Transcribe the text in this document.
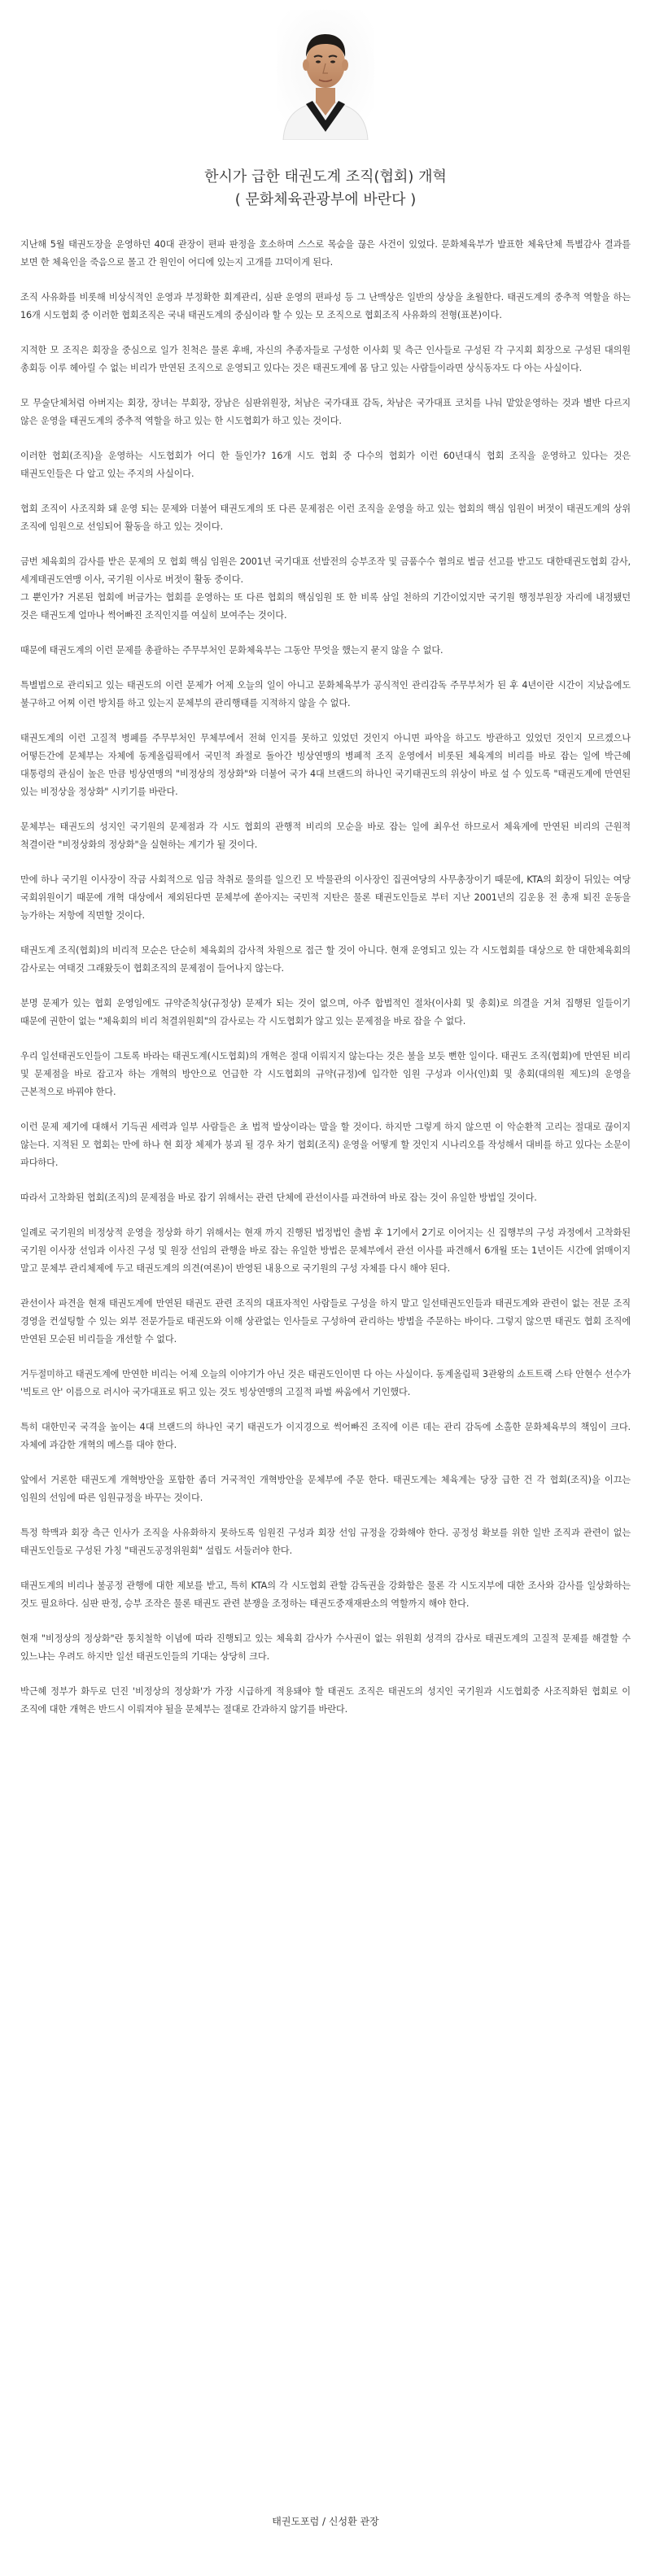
한시가 급한 태권도계 조직(협회) 개혁
( 문화체육관광부에 바란다 )

지난해 5월 태권도장을 운영하던 40대 관장이 편파 판정을 호소하며 스스로 목숨을 끊은 사건이 있었다. 문화체육부가 발표한 체육단체 특별감사 결과를 보면 한 체육인을 죽음으로 몰고 간 원인이 어디에 있는지 고개를 끄덕이게 된다.

조직 사유화를 비롯해 비상식적인 운영과 부정확한 회계관리, 심판 운영의 편파성 등 그 난맥상은 일반의 상상을 초월한다. 태권도계의 중추적 역할을 하는 16개 시도협회 중 이러한 협회조직은 국내 태권도계의 중심이라 할 수 있는 모 조직으로 협회조직 사유화의 전형(표본)이다.

지적한 모 조직은 회장을 중심으로 일가 친척은 물론 후배, 자신의 추종자들로 구성한 이사회 및 측근 인사들로 구성된 각 구지회 회장으로 구성된 대의원 총회등 이루 헤아릴 수 없는 비리가 만연된 조직으로 운영되고 있다는 것은 태권도계에 몸 담고 있는 사람들이라면 상식동자도 다 아는 사실이다.

모 무술단체처럼 아버지는 회장, 장녀는 부회장, 장남은 심판위원장, 처남은 국가대표 감독, 차남은 국가대표 코치를 나눠 맡았운영하는 것과 별반 다르지 않은 운영을 태권도계의 중추적 역할을 하고 있는 한 시도협회가 하고 있는 것이다.

이러한 협회(조직)을 운영하는 시도협회가 어디 한 둘인가? 16개 시도 협회 중 다수의 협회가 이런 60년대식 협회 조직을 운영하고 있다는 것은 태권도인들은 다 알고 있는 주지의 사실이다.

협회 조직이 사조직화 돼 운영 되는 문제와 더불어 태권도계의 또 다른 문제점은 이런 조직을 운영을 하고 있는 협회의 핵심 임원이 버젓이 태권도계의 상위 조직에 임원으로 선임되어 활동을 하고 있는 것이다.

금번 체육회의 감사를 받은 문제의 모 협회 핵심 임원은 2001년 국기대표 선발전의 승부조작 및 금품수수 혐의로 벌금 선고를 받고도 대한태권도협회 감사, 세계태권도연맹 이사, 국기원 이사로 버젓이 활동 중이다.
그 뿐인가? 거론된 협회에 버금가는 협회를 운영하는 또 다른 협회의 핵심임원 또 한 비록 삼일 천하의 기간이었지만 국기원 행정부원장 자리에 내정됐던 것은 태권도계 얼마나 썩어빠진 조직인지를 여실히 보여주는 것이다.

때문에 태권도계의 이런 문제를 총괄하는 주무부처인 문화체육부는 그동안 무엇을 했는지 묻지 않을 수 없다.

특별법으로 관리되고 있는 태권도의 이런 문제가 어제 오늘의 일이 아니고 문화체육부가 공식적인 관리감독 주무부처가 된 후 4년이란 시간이 지났음에도 불구하고 어찌 이런 방치를 하고 있는지 문체부의 관리행태를 지적하지 않을 수 없다.

태권도계의 이런 고질적 병폐를 주무부처인 무체부에서 전혀 인지를 못하고 있었던 것인지 아니면 파악을 하고도 방관하고 있었던 것인지 모르겠으나 어떻든간에 문체부는 자체에 동계올림픽에서 국민적 좌절로 돌아간 빙상연맹의 병폐적 조직 운영에서 비롯된 체육계의 비리를 바로 잡는 일에 박근혜 대통령의 관심이 높은 만큼 빙상연맹의 "비정상의 정상화"와 더불어 국가 4대 브랜드의 하나인 국기태권도의 위상이 바로 설 수 있도록 "태권도계에 만연된 있는 비정상을 정상화" 시키기를 바란다.

문체부는 태권도의 성지인 국기원의 문제점과 각 시도 협회의 관행적 비리의 모순을 바로 잡는 일에 최우선 하므로서 체육계에 만연된 비리의 근원적 척결이란 "비정상화의 정상화"을 실현하는 계기가 될 것이다.

만에 하나 국기원 이사장이 작금 사회적으로 임금 착취로 물의를 일으킨 모 박물관의 이사장인 집권여당의 사무총장이기 때문에, KTA의 회장이 뒤있는 여당 국회위원이기 때문에 개혁 대상에서 제외된다면 문체부에 쏟아지는 국민적 지탄은 물론 태권도인들로 부터 지난 2001년의 김운용 전 총재 퇴진 운동을 능가하는 저항에 직면할 것이다.

태권도계 조직(협회)의 비리적 모순은 단순히 체육회의 감사적 차원으로 접근 할 것이 아니다. 현재 운영되고 있는 각 시도협회를 대상으로 한 대한체육회의 감사로는 여태것 그래왔듯이 협회조직의 문제점이 들어나지 않는다.

분명 문제가 있는 협회 운영임에도 규약준칙상(규정상) 문제가 되는 것이 없으며, 아주 합법적인 절차(이사회 및 총회)로 의결을 거쳐 집행된 일들이기 때문에 권한이 없는 "체육회의 비리 척결위원회"의 감사로는 각 시도협회가 않고 있는 문제점을 바로 잡을 수 없다.

우리 일선태권도인들이 그토록 바라는 태권도계(시도협회)의 개혁은 절대 이뤄지지 않는다는 것은 불을 보듯 뻔한 일이다. 태권도 조직(협회)에 만연된 비리 및 문제점을 바로 잡고자 하는 개혁의 방안으로 언급한 각 시도협회의 규약(규정)에 입각한 임원 구성과 이사(인)회 및 총회(대의원 제도)의 운영을 근본적으로 바꿔야 한다.

이런 문제 제기에 대해서 기득권 세력과 일부 사람들은 초 법적 발상이라는 말을 할 것이다. 하지만 그렇게 하지 않으면 이 악순환적 고리는 절대로 끊이지 않는다. 지적된 모 협회는 만에 하나 현 회장 체제가 붕괴 될 경우 차기 협회(조직) 운영을 어떻게 할 것인지 시나리오를 작성해서 대비를 하고 있다는 소문이 파다하다.

따라서 고착화된 협회(조직)의 문제점을 바로 잡기 위해서는 관련 단체에 관선이사를 파견하여 바로 잡는 것이 유일한 방법일 것이다.

일례로 국기원의 비정상적 운영을 정상화 하기 위해서는 현재 까지 진행된 법정법인 출범 후 1기에서 2기로 이어지는 신 집행부의 구성 과정에서 고착화된 국기원 이사장 선임과 이사진 구성 및 원장 선임의 관행을 바로 잡는 유일한 방법은 문체부에서 관선 이사를 파견해서 6개월 또는 1년이든 시간에 얽매이지 말고 문체부 관리체제에 두고 태권도계의 의견(여론)이 반영된 내용으로 국기원의 구성 자체를 다시 해야 된다.

관선이사 파견을 현재 태권도계에 만연된 태권도 관련 조직의 대표자적인 사람들로 구성을 하지 말고 일선태권도인들과 태권도계와 관련이 없는 전문 조직 경영을 컨설팅할 수 있는 외부 전문가들로 태권도와 이해 상관없는 인사들로 구성하여 관리하는 방법을 주문하는 바이다. 그렇지 않으면 태권도 협회 조직에 만연된 모순된 비리들을 개선할 수 없다.

거두절미하고 태권도계에 만연한 비리는 어제 오늘의 이야기가 아닌 것은 태권도인이면 다 아는 사실이다. 동계올림픽 3관왕의 쇼트트랙 스타 안현수 선수가 '빅토르 안' 이름으로 러시아 국가대표로 뛰고 있는 것도 빙상연맹의 고질적 파벌 싸움에서 기인했다.

특히 대한민국 국격을 높이는 4대 브랜드의 하나인 국기 태권도가 이지경으로 썩어빠진 조직에 이른 데는 관리 감독에 소홀한 문화체육부의 책임이 크다. 자체에 과감한 개혁의 메스를 대야 한다.

앞에서 거론한 태권도계 개혁방안을 포함한 좀더 거국적인 개혁방안을 문체부에 주문 한다. 태권도계는 체육계는 당장 급한 건 각 협회(조직)을 이끄는 임원의 선임에 따른 임원규정을 바꾸는 것이다.

특정 학맥과 회장 측근 인사가 조직을 사유화하지 못하도록 임원진 구성과 회장 선임 규정을 강화해야 한다. 공정성 확보를 위한 일반 조직과 관련이 없는 태권도인들로 구성된 가칭 "태권도공정위원회" 설립도 서둘러야 한다.

태권도계의 비리나 불공정 관행에 대한 제보를 받고, 특히 KTA의 각 시도협회 관할 감독권을 강화함은 물론 각 시도지부에 대한 조사와 감사를 일상화하는 것도 필요하다. 심판 판정, 승부 조작은 물론 태권도 관련 분쟁을 조정하는 태권도중재재판소의 역할까지 해야 한다.

현재 "비정상의 정상화"란 통치철학 이념에 따라 진행되고 있는 체육회 감사가 수사권이 없는 위원회 성격의 감사로 태권도계의 고질적 문제를 해결할 수 있느냐는 우려도 하지만 일선 태권도인들의 기대는 상당히 크다.

박근혜 정부가 화두로 던진 '비정상의 정상화'가 가장 시급하게 적용돼야 할 태권도 조직은 태권도의 성지인 국기원과 시도협회중 사조직화된 협회로 이 조직에 대한 개혁은 반드시 이뤄져야 될을 문체부는 절대로 간과하지 않기를 바란다.

태권도포럼 / 신성환 관장
